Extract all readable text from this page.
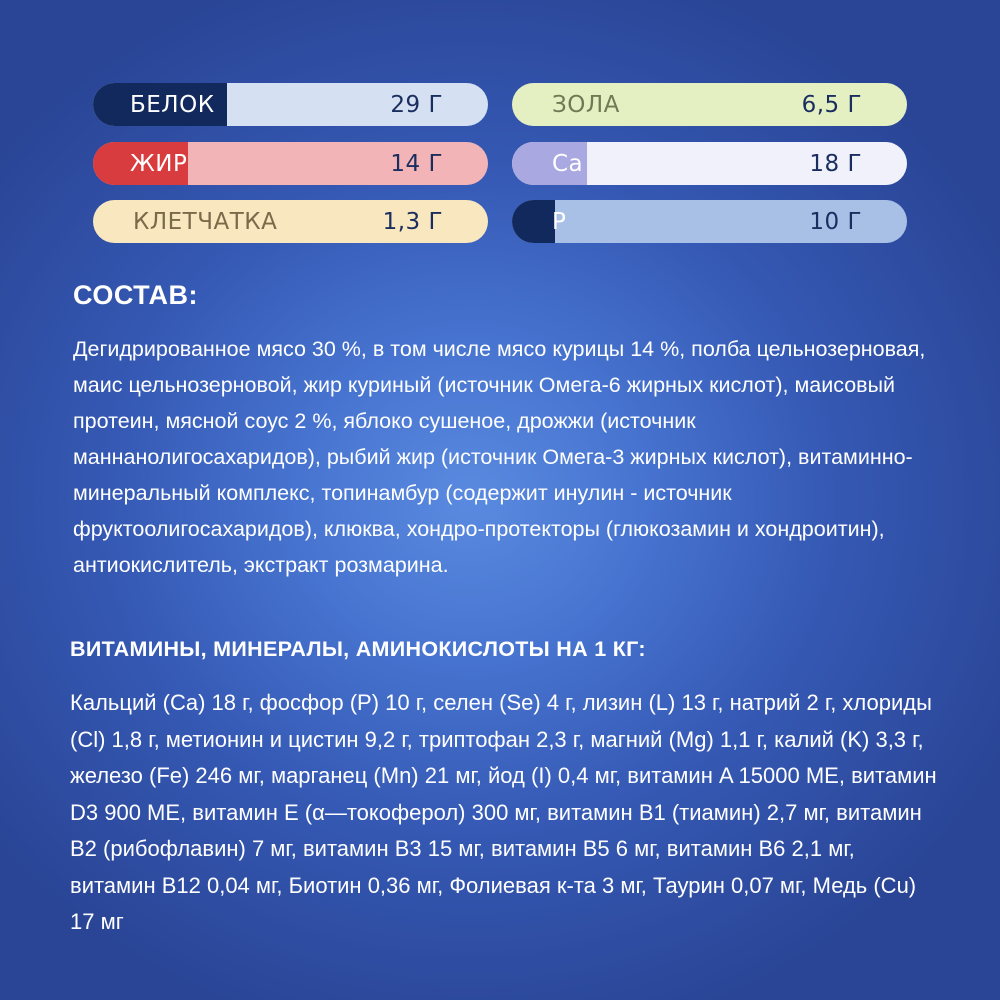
БЕЛОК	29 Г
ЖИР	14 Г
КЛЕТЧАТКА	1,3 Г
ЗОЛА	6,5 Г
Ca	18 Г
P	10 Г
СОСТАВ:

Дегидрированное мясо 30 %, в том числе мясо курицы 14 %, полба цельнозерновая, маис цельнозерновой, жир куриный (источник Омега-6 жирных кислот), маисовый протеин, мясной соус 2 %, яблоко сушеное, дрожжи (источник маннанолигосахаридов), рыбий жир (источник Омега-3 жирных кислот), витаминно-минеральный комплекс, топинамбур (содержит инулин - источник фруктоолигосахаридов), клюква, хондро-протекторы (глюкозамин и хондроитин), антиокислитель, экстракт розмарина.

ВИТАМИНЫ, МИНЕРАЛЫ, АМИНОКИСЛОТЫ НА 1 КГ:

Кальций (Ca) 18 г, фосфор (P) 10 г, селен (Se) 4 г, лизин (L) 13 г, натрий 2 г, хлориды (Cl) 1,8 г, метионин и цистин 9,2 г, триптофан 2,3 г, магний (Mg) 1,1 г, калий (K) 3,3 г, железо (Fe) 246 мг, марганец (Mn) 21 мг, йод (I) 0,4 мг, витамин A 15000 МЕ, витамин D3 900 МЕ, витамин E (α—токоферол) 300 мг, витамин B1 (тиамин) 2,7 мг, витамин B2 (рибофлавин) 7 мг, витамин B3 15 мг, витамин B5 6 мг, витамин B6 2,1 мг, витамин B12 0,04 мг, Биотин 0,36 мг, Фолиевая к-та 3 мг, Таурин 0,07 мг, Медь (Cu) 17 мг
